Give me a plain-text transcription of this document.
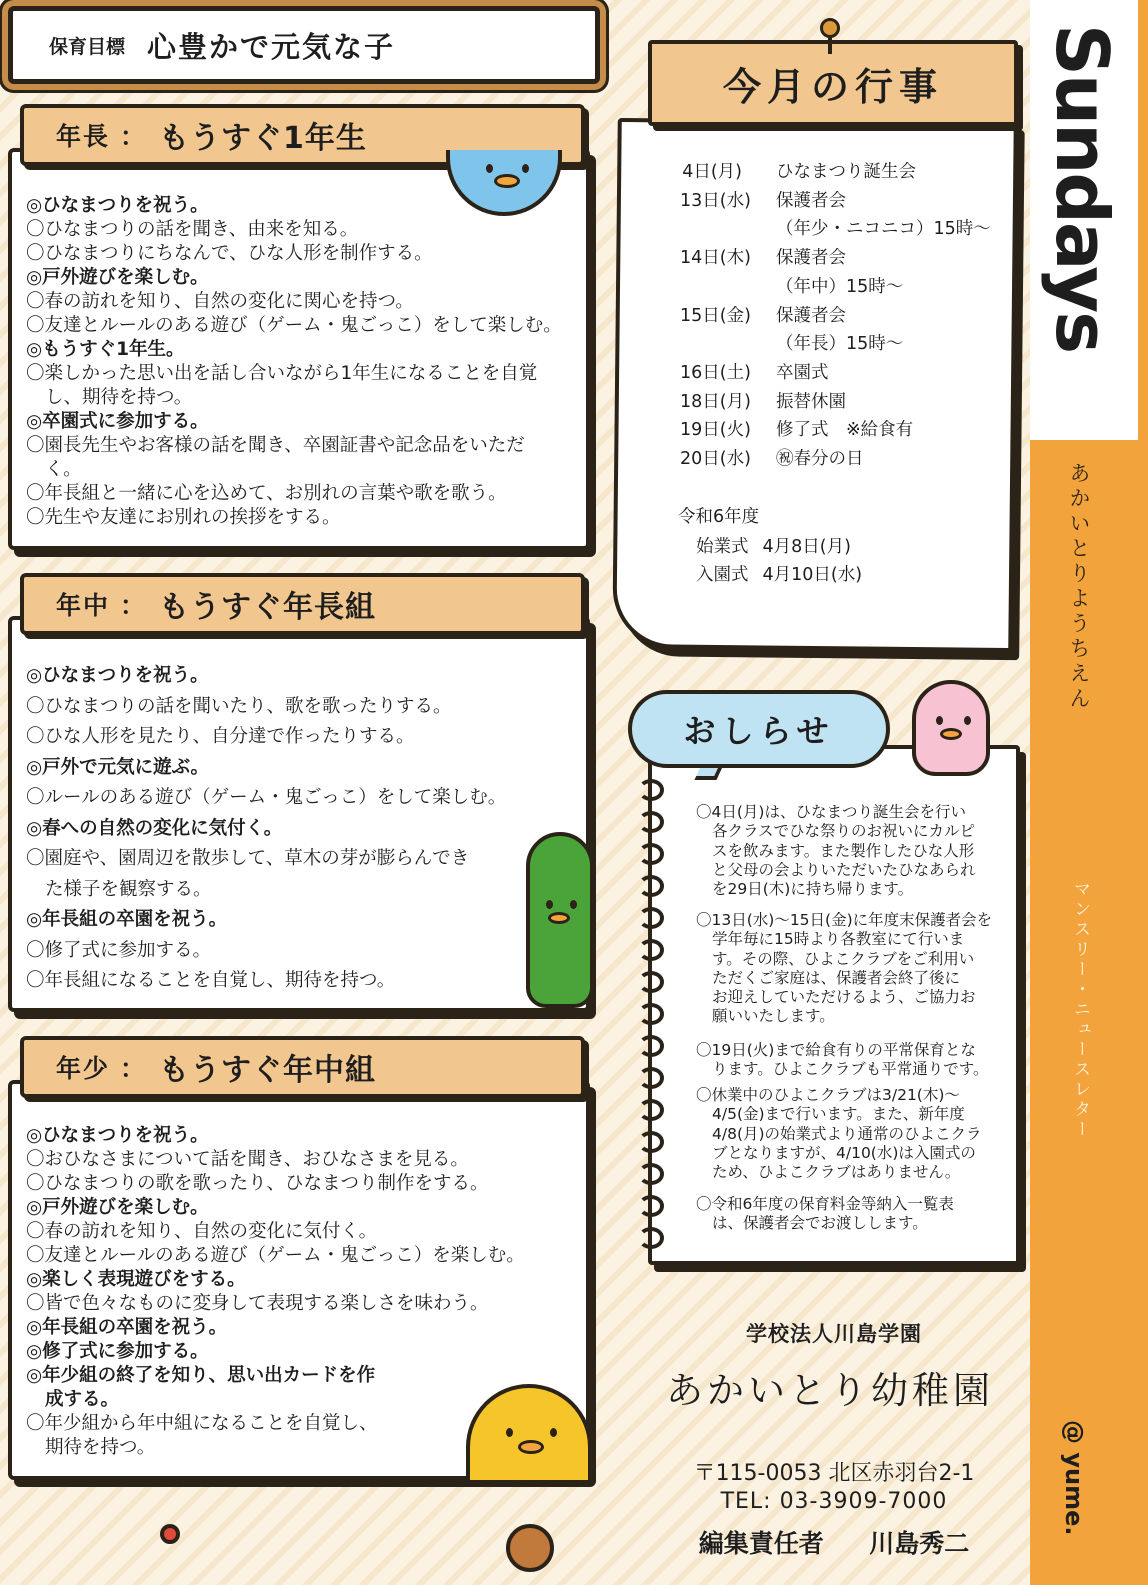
保育目標 心豊かで元気な子
年長 ： もうすぐ1年生
◎ひなまつりを祝う。
〇ひなまつりの話を聞き、由来を知る。
〇ひなまつりにちなんで、ひな人形を制作する。
◎戸外遊びを楽しむ。
〇春の訪れを知り、自然の変化に関心を持つ。
〇友達とルールのある遊び（ゲーム・鬼ごっこ）をして楽しむ。
◎もうすぐ1年生。
〇楽しかった思い出を話し合いながら1年生になることを自覚
し、期待を持つ。
◎卒園式に参加する。
〇園長先生やお客様の話を聞き、卒園証書や記念品をいただ
く。
〇年長組と一緒に心を込めて、お別れの言葉や歌を歌う。
〇先生や友達にお別れの挨拶をする。
年中 ： もうすぐ年長組
◎ひなまつりを祝う。
〇ひなまつりの話を聞いたり、歌を歌ったりする。
〇ひな人形を見たり、自分達で作ったりする。
◎戸外で元気に遊ぶ。
〇ルールのある遊び（ゲーム・鬼ごっこ）をして楽しむ。
◎春への自然の変化に気付く。
〇園庭や、園周辺を散歩して、草木の芽が膨らんでき
た様子を観察する。
◎年長組の卒園を祝う。
〇修了式に参加する。
〇年長組になることを自覚し、期待を持つ。
年少 ： もうすぐ年中組
◎ひなまつりを祝う。
〇おひなさまについて話を聞き、おひなさまを見る。
〇ひなまつりの歌を歌ったり、ひなまつり制作をする。
◎戸外遊びを楽しむ。
〇春の訪れを知り、自然の変化に気付く。
〇友達とルールのある遊び（ゲーム・鬼ごっこ）を楽しむ。
◎楽しく表現遊びをする。
〇皆で色々なものに変身して表現する楽しさを味わう。
◎年長組の卒園を祝う。
◎修了式に参加する。
◎年少組の終了を知り、思い出カードを作
成する。
〇年少組から年中組になることを自覚し、
期待を持つ。
今月の行事
4日(月) ひなまつり誕生会
13日(水) 保護者会
（年少・ニコニコ）15時～
14日(木) 保護者会
（年中）15時～
15日(金) 保護者会
（年長）15時～
16日(土) 卒園式
18日(月) 振替休園
19日(火) 修了式　※給食有
20日(水) ㊗春分の日
令和6年度
始業式 4月8日(月)
入園式 4月10日(水)
おしらせ
〇4日(月)は、ひなまつり誕生会を行い
各クラスでひな祭りのお祝いにカルピ
スを飲みます。また製作したひな人形
と父母の会よりいただいたひなあられ
を29日(木)に持ち帰ります。
〇13日(水)～15日(金)に年度末保護者会を
学年毎に15時より各教室にて行いま
す。その際、ひよこクラブをご利用い
ただくご家庭は、保護者会終了後に
お迎えしていただけるよう、ご協力お
願いいたします。
〇19日(火)まで給食有りの平常保育とな
ります。ひよこクラブも平常通りです。
〇休業中のひよこクラブは3/21(木)～
4/5(金)まで行います。また、新年度
4/8(月)の始業式より通常のひよこクラ
ブとなりますが、4/10(水)は入園式の
ため、ひよこクラブはありません。
〇令和6年度の保育料金等納入一覧表
は、保護者会でお渡しします。
学校法人川島学園
あかいとり幼稚園
〒115-0053 北区赤羽台2-1
TEL: 03-3909-7000
編集責任者 川島秀二
Sundays
あかいとりようちえん
マンスリー・ニュースレター
@ yume.
